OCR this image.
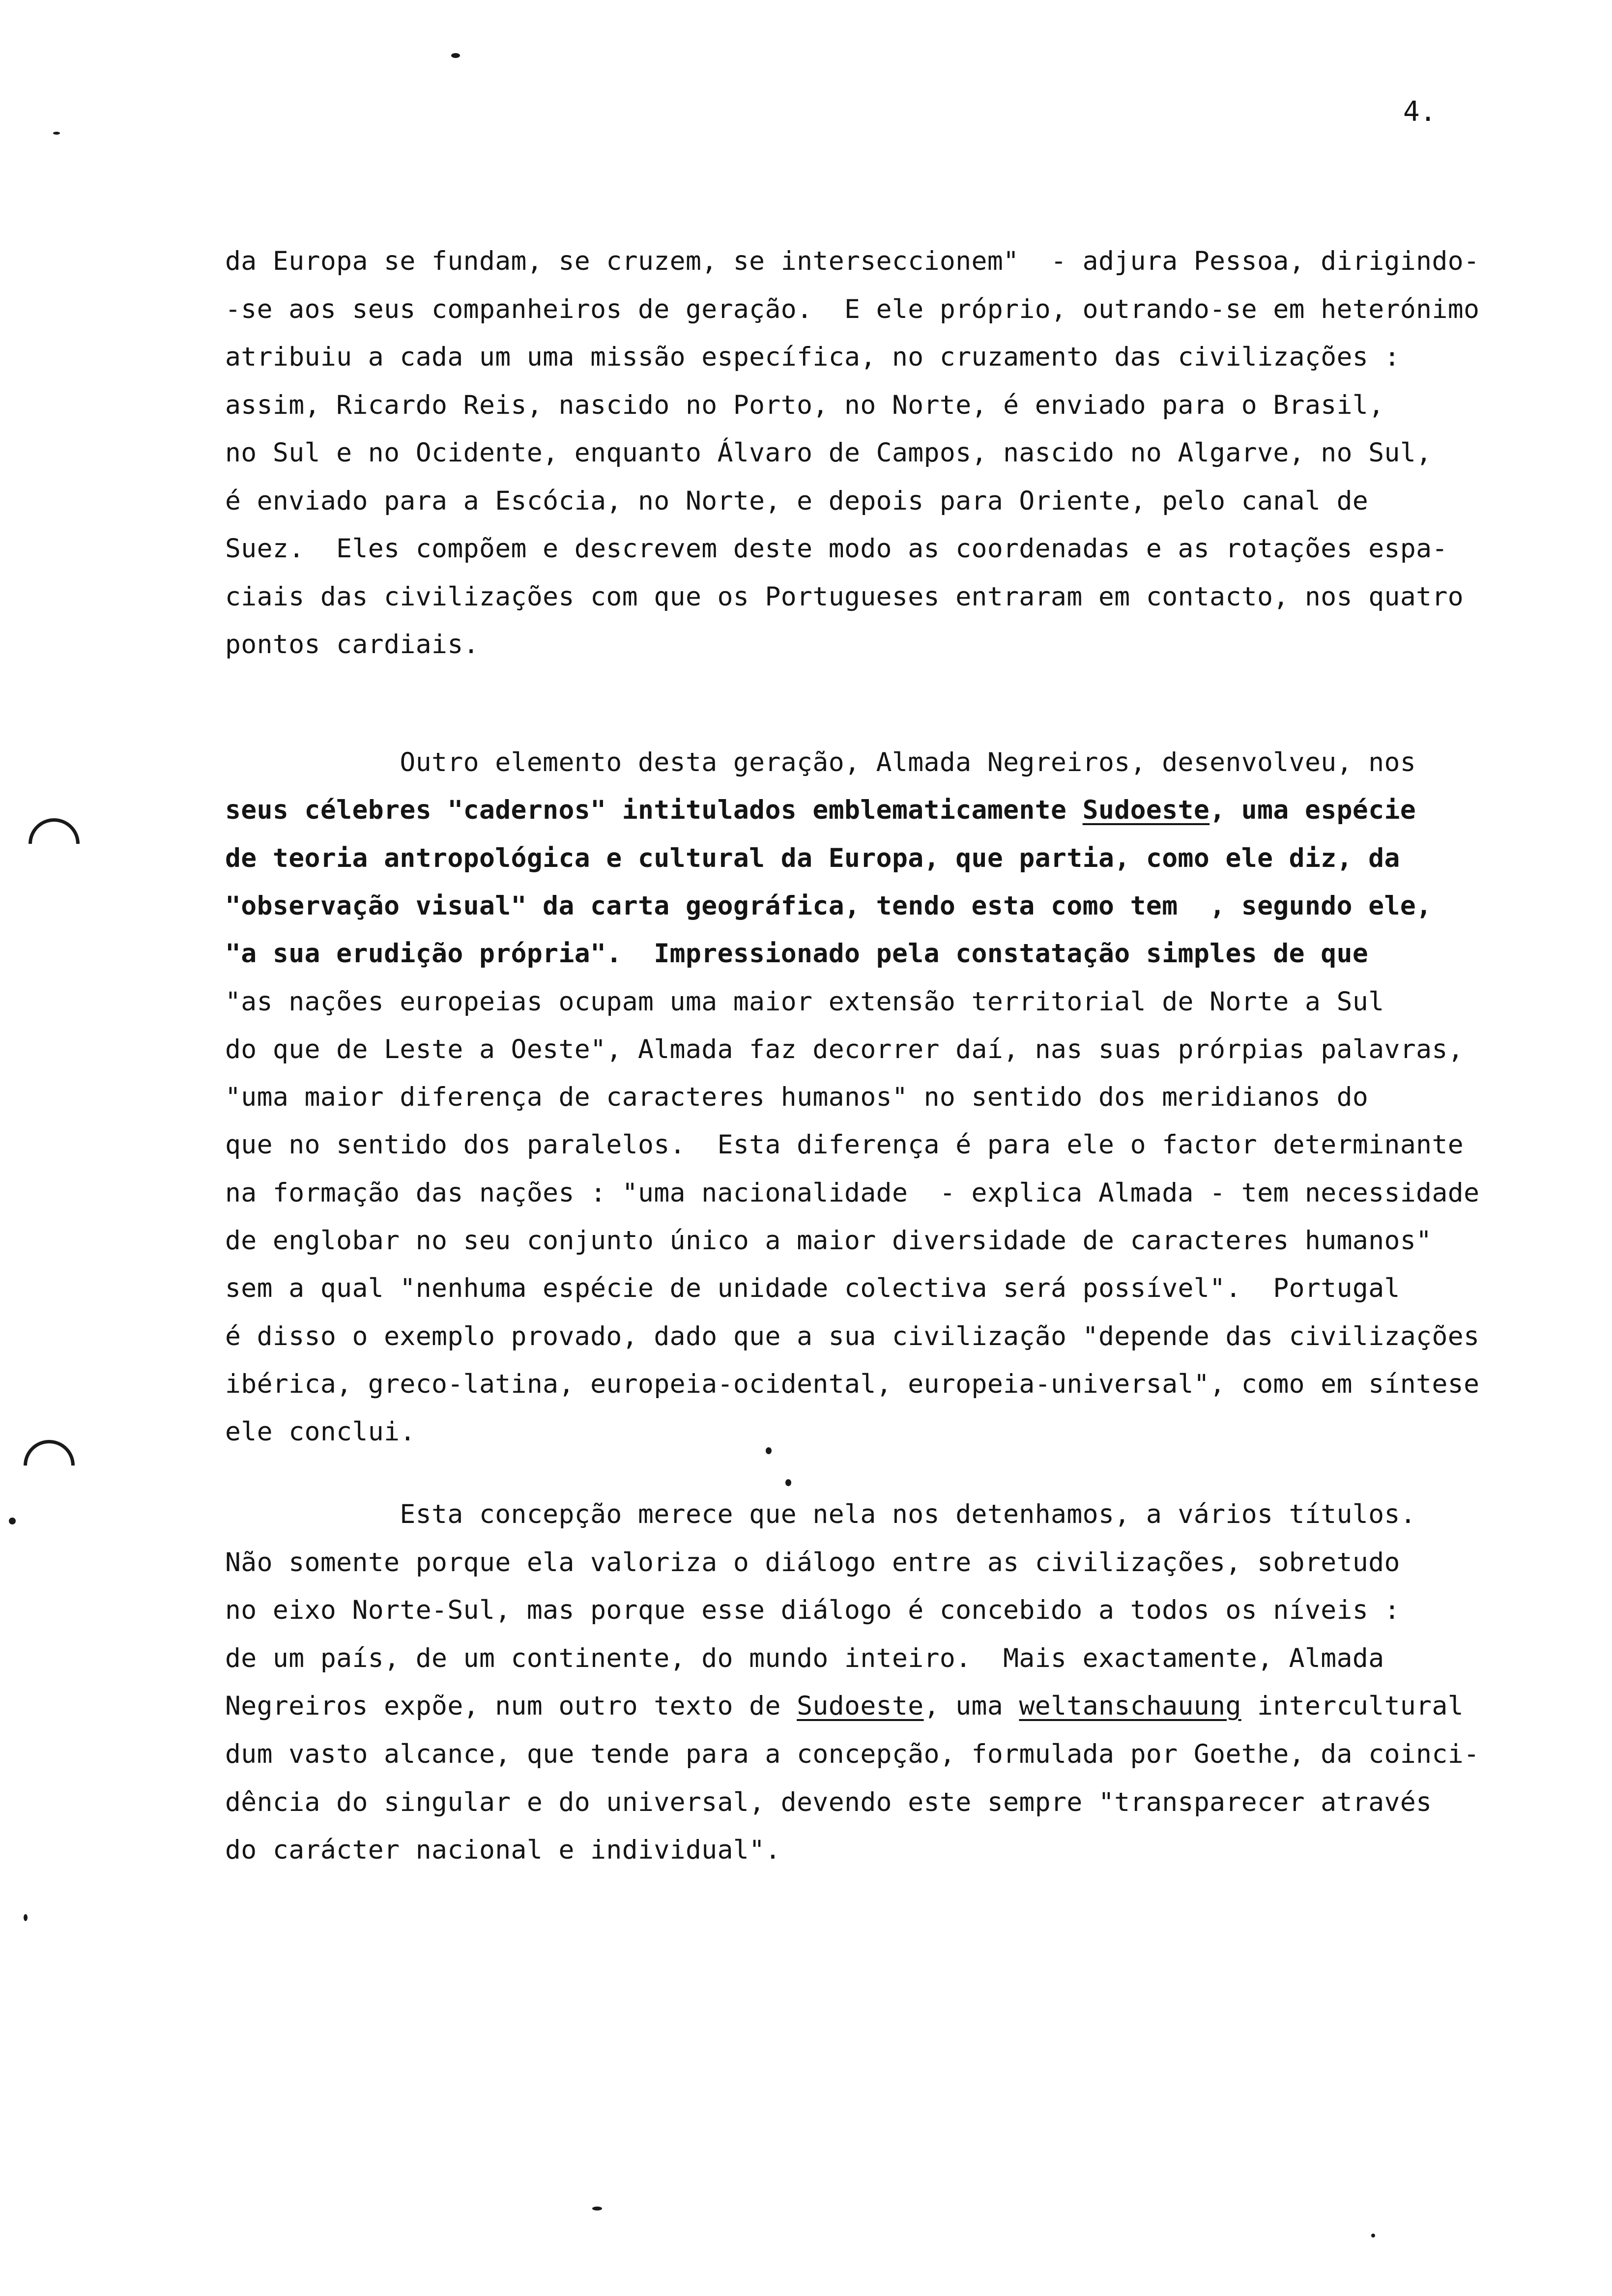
4.
da Europa se fundam, se cruzem, se interseccionem"  - adjura Pessoa, dirigindo-
-se aos seus companheiros de geração.  E ele próprio, outrando-se em heterónimo
atribuiu a cada um uma missão específica, no cruzamento das civilizações :
assim, Ricardo Reis, nascido no Porto, no Norte, é enviado para o Brasil,
no Sul e no Ocidente, enquanto Álvaro de Campos, nascido no Algarve, no Sul,
é enviado para a Escócia, no Norte, e depois para Oriente, pelo canal de
Suez.  Eles compõem e descrevem deste modo as coordenadas e as rotações espa-
ciais das civilizações com que os Portugueses entraram em contacto, nos quatro
pontos cardiais.
Outro elemento desta geração, Almada Negreiros, desenvolveu, nos
seus célebres "cadernos" intitulados emblematicamente Sudoeste, uma espécie
de teoria antropológica e cultural da Europa, que partia, como ele diz, da
"observação visual" da carta geográfica, tendo esta como tem  , segundo ele,
"a sua erudição própria".  Impressionado pela constatação simples de que
"as nações europeias ocupam uma maior extensão territorial de Norte a Sul
do que de Leste a Oeste", Almada faz decorrer daí, nas suas prórpias palavras,
"uma maior diferença de caracteres humanos" no sentido dos meridianos do
que no sentido dos paralelos.  Esta diferença é para ele o factor determinante
na formação das nações : "uma nacionalidade  - explica Almada - tem necessidade
de englobar no seu conjunto único a maior diversidade de caracteres humanos"
sem a qual "nenhuma espécie de unidade colectiva será possível".  Portugal
é disso o exemplo provado, dado que a sua civilização "depende das civilizações
ibérica, greco-latina, europeia-ocidental, europeia-universal", como em síntese
ele conclui.
Esta concepção merece que nela nos detenhamos, a vários títulos.
Não somente porque ela valoriza o diálogo entre as civilizações, sobretudo
no eixo Norte-Sul, mas porque esse diálogo é concebido a todos os níveis :
de um país, de um continente, do mundo inteiro.  Mais exactamente, Almada
Negreiros expõe, num outro texto de Sudoeste, uma weltanschauung intercultural
dum vasto alcance, que tende para a concepção, formulada por Goethe, da coinci-
dência do singular e do universal, devendo este sempre "transparecer através
do carácter nacional e individual".
